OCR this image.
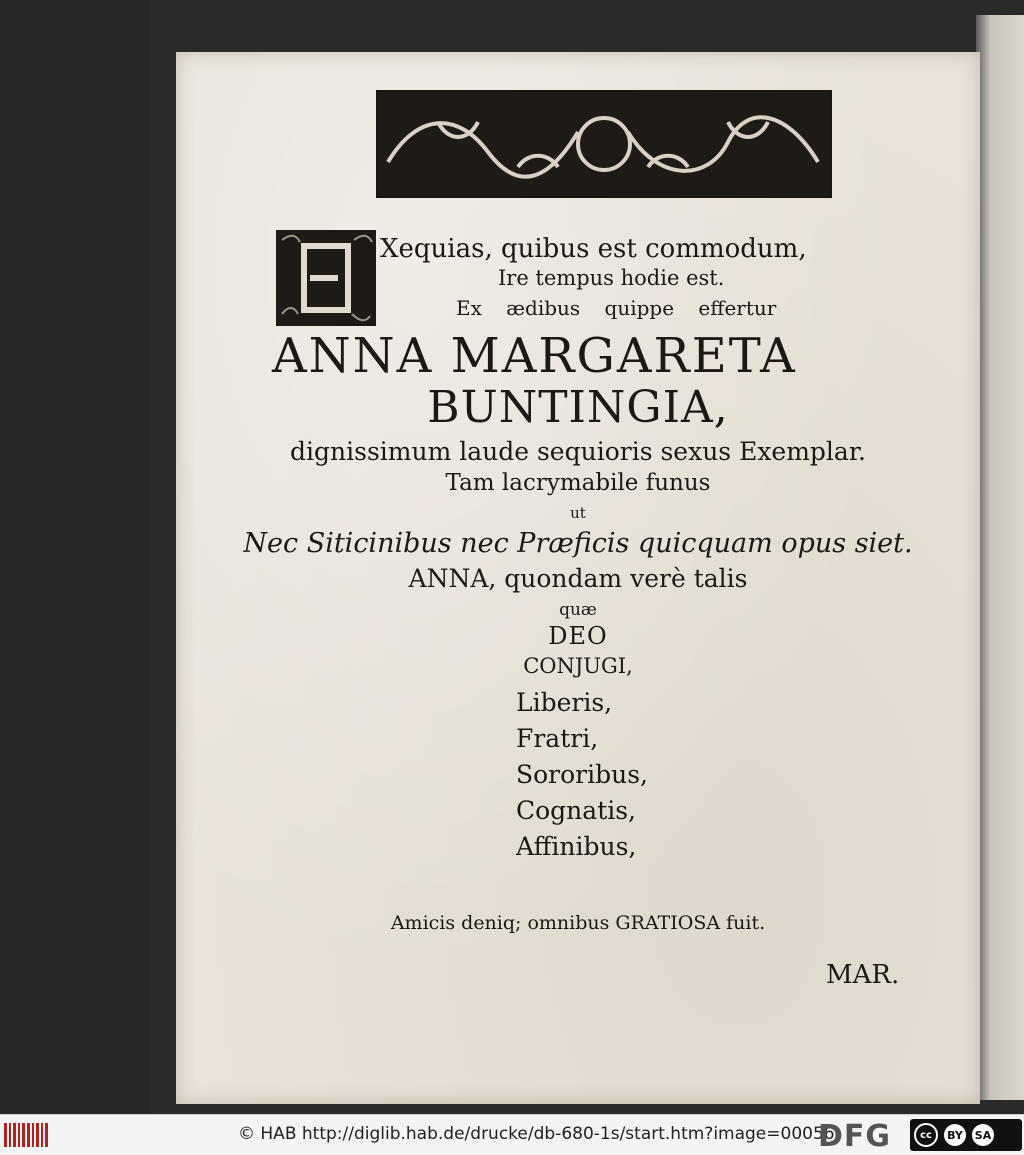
Xequias, quibus est commodum,

Ire tempus hodie est.

Ex ædibus quippe effertur

ANNA MARGARETA

BUNTINGIA,

dignissimum laude sequioris sexus Exemplar.

Tam lacrymabile funus

ut

Nec Siticinibus nec Præficis quicquam opus siet.

ANNA, quondam verè talis

quæ

DEO

CONJUGI,

Liberis,

Fratri,

Sororibus,

Cognatis,

Affinibus,

Amicis deniq; omnibus GRATIOSA fuit.

MAR.

© HAB http://diglib.hab.de/drucke/db-680-1s/start.htm?image=00056
DFG	cc	BY SA
